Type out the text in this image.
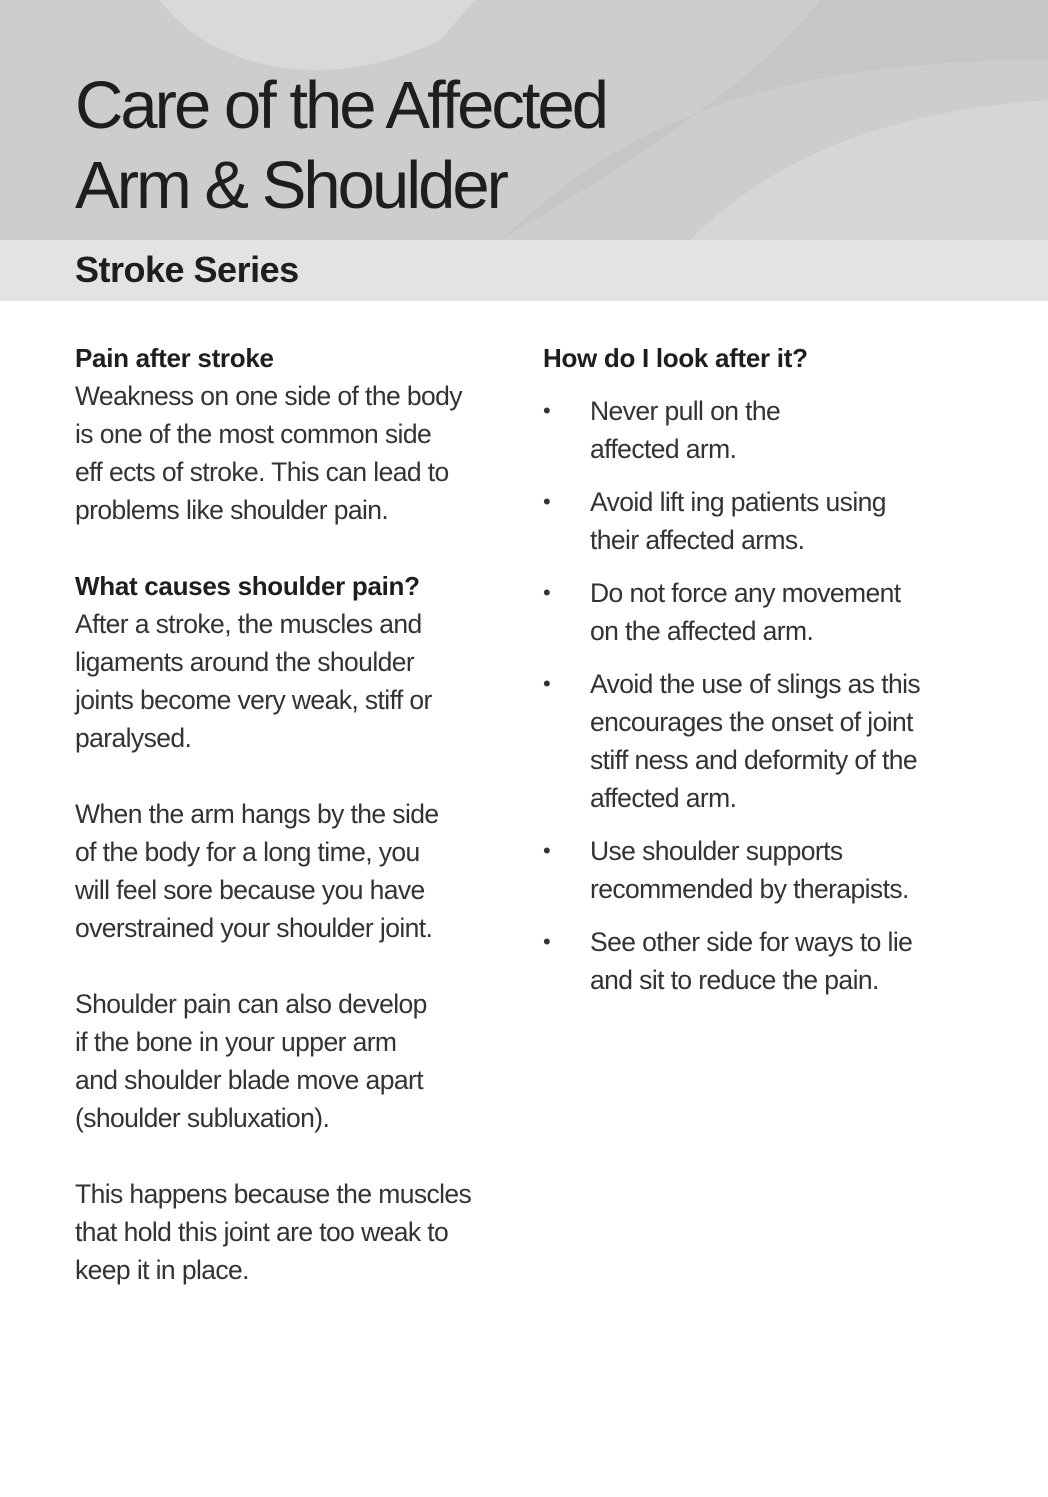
Care of the Affected
Arm & Shoulder
Stroke Series
Pain after stroke

Weakness on one side of the body
is one of the most common side
eff ects of stroke. This can lead to
problems like shoulder pain.

What causes shoulder pain?

After a stroke, the muscles and
ligaments around the shoulder
joints become very weak, stiff or
paralysed.

When the arm hangs by the side
of the body for a long time, you
will feel sore because you have
overstrained your shoulder joint.

Shoulder pain can also develop
if the bone in your upper arm
and shoulder blade move apart
(shoulder subluxation).

This happens because the muscles
that hold this joint are too weak to
keep it in place.

How do I look after it?
• Never pull on the
affected arm.

• Avoid lift ing patients using
their affected arms.

• Do not force any movement
on the affected arm.

• Avoid the use of slings as this
encourages the onset of joint
stiff ness and deformity of the
affected arm.

• Use shoulder supports
recommended by therapists.

• See other side for ways to lie
and sit to reduce the pain.
